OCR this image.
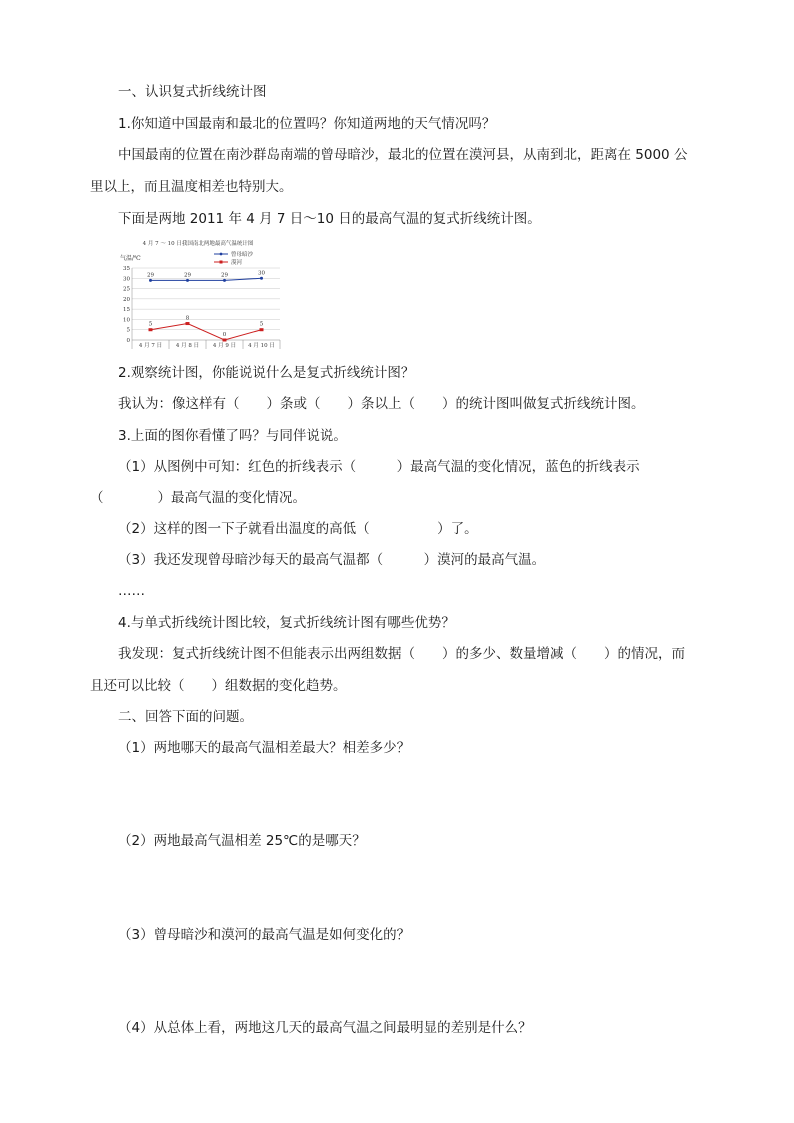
一、认识复式折线统计图
1.你知道中国最南和最北的位置吗？你知道两地的天气情况吗？
中国最南的位置在南沙群岛南端的曾母暗沙，最北的位置在漠河县，从南到北，距离在 5000 公
里以上，而且温度相差也特别大。
下面是两地 2011 年 4 月 7 日～10 日的最高气温的复式折线统计图。
4 月 7 ～ 10 日我国南北两地最高气温统计图
气温/℃
0
5
10
15
20
25
30
35
4 月 7 日	4 月 8 日	4 月 9 日 4 月 10 日
29	29	29	30
5
8
0
5
曾母暗沙
漠河
2.观察统计图，你能说说什么是复式折线统计图？
我认为：像这样有（　　）条或（　　）条以上（　　）的统计图叫做复式折线统计图。
3.上面的图你看懂了吗？与同伴说说。
（1）从图例中可知：红色的折线表示（　　　）最高气温的变化情况，蓝色的折线表示
（　　　　）最高气温的变化情况。
（2）这样的图一下子就看出温度的高低（　　　　　）了。
（3）我还发现曾母暗沙每天的最高气温都（　　　）漠河的最高气温。
……
4.与单式折线统计图比较，复式折线统计图有哪些优势？
我发现：复式折线统计图不但能表示出两组数据（　　）的多少、数量增减（　　）的情况，而
且还可以比较（　　）组数据的变化趋势。
二、回答下面的问题。
（1）两地哪天的最高气温相差最大？相差多少？
（2）两地最高气温相差 25℃的是哪天？
（3）曾母暗沙和漠河的最高气温是如何变化的？
（4）从总体上看，两地这几天的最高气温之间最明显的差别是什么？
